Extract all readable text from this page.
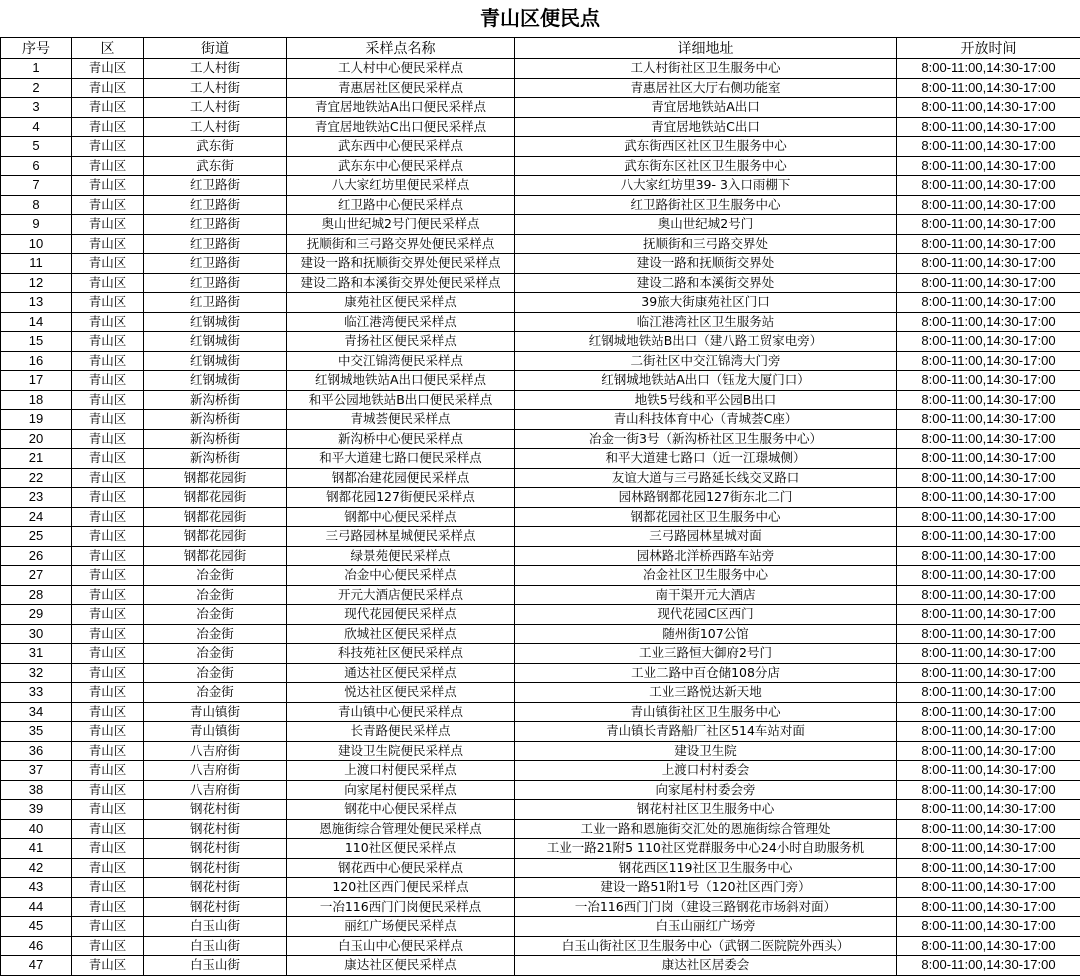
青山区便民点
序号	区	街道	采样点名称	详细地址	开放时间
1	青山区	工人村街	工人村中心便民采样点	工人村街社区卫生服务中心	8:00-11:00,14:30-17:00
2	青山区	工人村街	青惠居社区便民采样点	青惠居社区大厅右侧功能室	8:00-11:00,14:30-17:00
3	青山区	工人村街	青宜居地铁站A出口便民采样点	青宜居地铁站A出口	8:00-11:00,14:30-17:00
4	青山区	工人村街	青宜居地铁站C出口便民采样点	青宜居地铁站C出口	8:00-11:00,14:30-17:00
5	青山区	武东街	武东西中心便民采样点	武东街西区社区卫生服务中心	8:00-11:00,14:30-17:00
6	青山区	武东街	武东东中心便民采样点	武东街东区社区卫生服务中心	8:00-11:00,14:30-17:00
7	青山区	红卫路街	八大家红坊里便民采样点	八大家红坊里39- 3入口雨棚下	8:00-11:00,14:30-17:00
8	青山区	红卫路街	红卫路中心便民采样点	红卫路街社区卫生服务中心	8:00-11:00,14:30-17:00
9	青山区	红卫路街	奥山世纪城2号门便民采样点	奥山世纪城2号门	8:00-11:00,14:30-17:00
10	青山区	红卫路街	抚顺街和三弓路交界处便民采样点	抚顺街和三弓路交界处	8:00-11:00,14:30-17:00
11	青山区	红卫路街	建设一路和抚顺街交界处便民采样点	建设一路和抚顺街交界处	8:00-11:00,14:30-17:00
12	青山区	红卫路街	建设二路和本溪街交界处便民采样点	建设二路和本溪街交界处	8:00-11:00,14:30-17:00
13	青山区	红卫路街	康苑社区便民采样点	39旅大街康苑社区门口	8:00-11:00,14:30-17:00
14	青山区	红钢城街	临江港湾便民采样点	临江港湾社区卫生服务站	8:00-11:00,14:30-17:00
15	青山区	红钢城街	青扬社区便民采样点	红钢城地铁站B出口（建八路工贸家电旁）	8:00-11:00,14:30-17:00
16	青山区	红钢城街	中交江锦湾便民采样点	二街社区中交江锦湾大门旁	8:00-11:00,14:30-17:00
17	青山区	红钢城街	红钢城地铁站A出口便民采样点	红钢城地铁站A出口（钰龙大厦门口）	8:00-11:00,14:30-17:00
18	青山区	新沟桥街	和平公园地铁站B出口便民采样点	地铁5号线和平公园B出口	8:00-11:00,14:30-17:00
19	青山区	新沟桥街	青城荟便民采样点	青山科技体育中心（青城荟C座）	8:00-11:00,14:30-17:00
20	青山区	新沟桥街	新沟桥中心便民采样点	冶金一街3号（新沟桥社区卫生服务中心）	8:00-11:00,14:30-17:00
21	青山区	新沟桥街	和平大道建七路口便民采样点	和平大道建七路口（近一江璟城侧）	8:00-11:00,14:30-17:00
22	青山区	钢都花园街	钢都冶建花园便民采样点	友谊大道与三弓路延长线交叉路口	8:00-11:00,14:30-17:00
23	青山区	钢都花园街	钢都花园127街便民采样点	园林路钢都花园127街东北二门	8:00-11:00,14:30-17:00
24	青山区	钢都花园街	钢都中心便民采样点	钢都花园社区卫生服务中心	8:00-11:00,14:30-17:00
25	青山区	钢都花园街	三弓路园林星城便民采样点	三弓路园林星城对面	8:00-11:00,14:30-17:00
26	青山区	钢都花园街	绿景苑便民采样点	园林路北洋桥西路车站旁	8:00-11:00,14:30-17:00
27	青山区	冶金街	冶金中心便民采样点	冶金社区卫生服务中心	8:00-11:00,14:30-17:00
28	青山区	冶金街	开元大酒店便民采样点	南干渠开元大酒店	8:00-11:00,14:30-17:00
29	青山区	冶金街	现代花园便民采样点	现代花园C区西门	8:00-11:00,14:30-17:00
30	青山区	冶金街	欣城社区便民采样点	随州街107公馆	8:00-11:00,14:30-17:00
31	青山区	冶金街	科技苑社区便民采样点	工业三路恒大御府2号门	8:00-11:00,14:30-17:00
32	青山区	冶金街	通达社区便民采样点	工业二路中百仓储108分店	8:00-11:00,14:30-17:00
33	青山区	冶金街	悦达社区便民采样点	工业三路悦达新天地	8:00-11:00,14:30-17:00
34	青山区	青山镇街	青山镇中心便民采样点	青山镇街社区卫生服务中心	8:00-11:00,14:30-17:00
35	青山区	青山镇街	长青路便民采样点	青山镇长青路船厂社区514车站对面	8:00-11:00,14:30-17:00
36	青山区	八吉府街	建设卫生院便民采样点	建设卫生院	8:00-11:00,14:30-17:00
37	青山区	八吉府街	上渡口村便民采样点	上渡口村村委会	8:00-11:00,14:30-17:00
38	青山区	八吉府街	向家尾村便民采样点	向家尾村村委会旁	8:00-11:00,14:30-17:00
39	青山区	钢花村街	钢花中心便民采样点	钢花村社区卫生服务中心	8:00-11:00,14:30-17:00
40	青山区	钢花村街	恩施街综合管理处便民采样点	工业一路和恩施街交汇处的恩施街综合管理处	8:00-11:00,14:30-17:00
41	青山区	钢花村街	110社区便民采样点	工业一路21附5 110社区党群服务中心24小时自助服务机	8:00-11:00,14:30-17:00
42	青山区	钢花村街	钢花西中心便民采样点	钢花西区119社区卫生服务中心	8:00-11:00,14:30-17:00
43	青山区	钢花村街	120社区西门便民采样点	建设一路51附1号（120社区西门旁）	8:00-11:00,14:30-17:00
44	青山区	钢花村街	一冶116西门门岗便民采样点	一冶116西门门岗（建设三路钢花市场斜对面）	8:00-11:00,14:30-17:00
45	青山区	白玉山街	丽红广场便民采样点	白玉山丽红广场旁	8:00-11:00,14:30-17:00
46	青山区	白玉山街	白玉山中心便民采样点	白玉山街社区卫生服务中心（武钢二医院院外西头）	8:00-11:00,14:30-17:00
47	青山区	白玉山街	康达社区便民采样点	康达社区居委会	8:00-11:00,14:30-17:00
